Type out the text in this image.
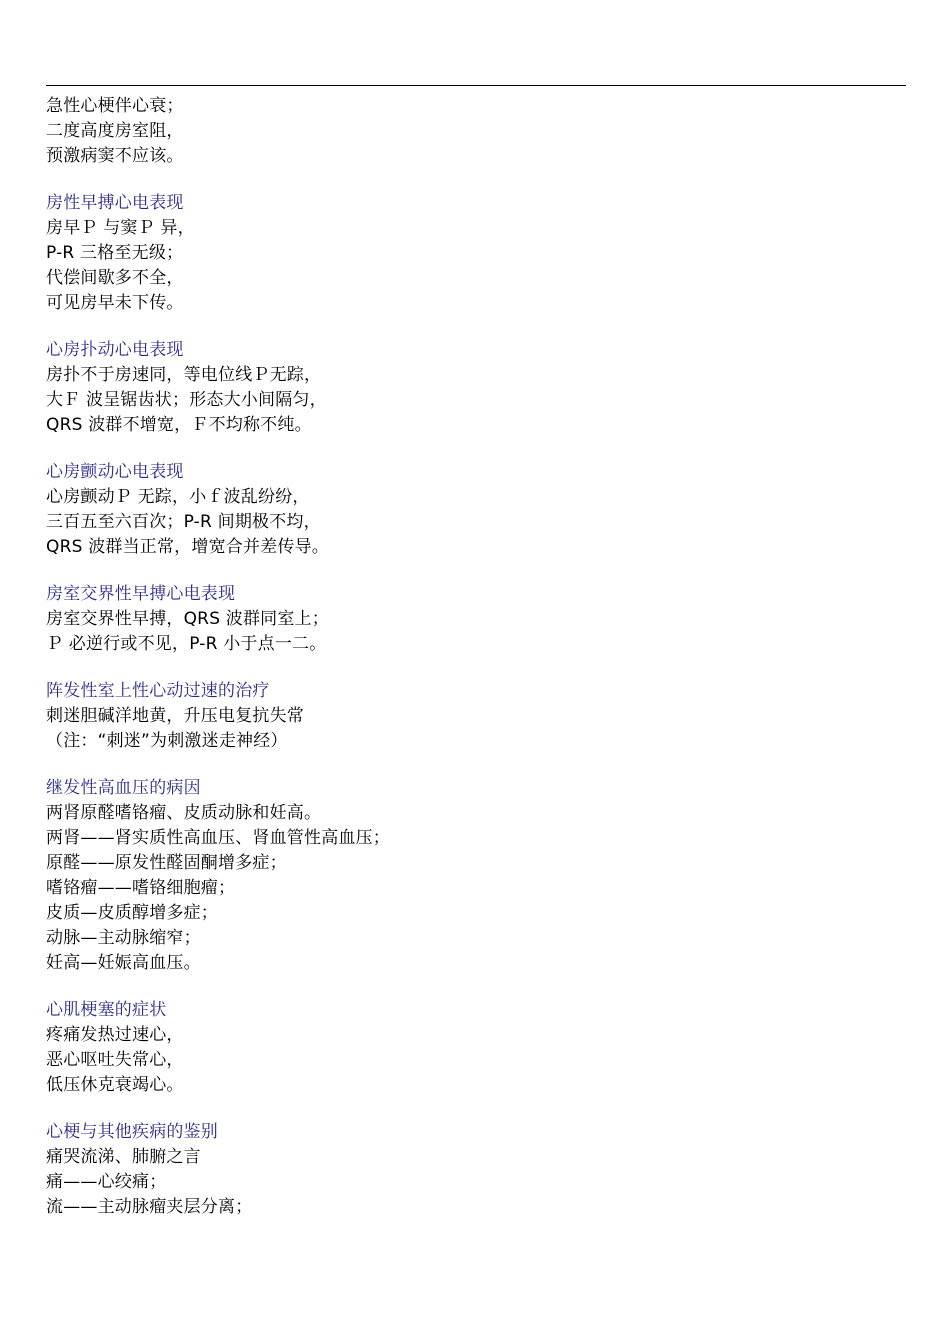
急性心梗伴心衰；
二度高度房室阻，
预激病窦不应该。
房性早搏心电表现
房早Ｐ 与窦Ｐ 异，
P-R 三格至无级；
代偿间歇多不全，
可见房早未下传。
心房扑动心电表现
房扑不于房速同，等电位线Ｐ无踪，
大Ｆ 波呈锯齿状；形态大小间隔匀，
QRS 波群不增宽，Ｆ不均称不纯。
心房颤动心电表现
心房颤动Ｐ 无踪，小ｆ波乱纷纷，
三百五至六百次；P-R 间期极不均，
QRS 波群当正常，增宽合并差传导。
房室交界性早搏心电表现
房室交界性早搏，QRS 波群同室上；
Ｐ 必逆行或不见，P-R 小于点一二。
阵发性室上性心动过速的治疗
刺迷胆碱洋地黄，升压电复抗失常
（注：“刺迷”为刺激迷走神经）
继发性高血压的病因
两肾原醛嗜铬瘤、皮质动脉和妊高。
两肾——肾实质性高血压、肾血管性高血压；
原醛——原发性醛固酮增多症；
嗜铬瘤——嗜铬细胞瘤；
皮质—皮质醇增多症；
动脉—主动脉缩窄；
妊高—妊娠高血压。
心肌梗塞的症状
疼痛发热过速心，
恶心呕吐失常心，
低压休克衰竭心。
心梗与其他疾病的鉴别
痛哭流涕、肺腑之言
痛——心绞痛；
流——主动脉瘤夹层分离；
